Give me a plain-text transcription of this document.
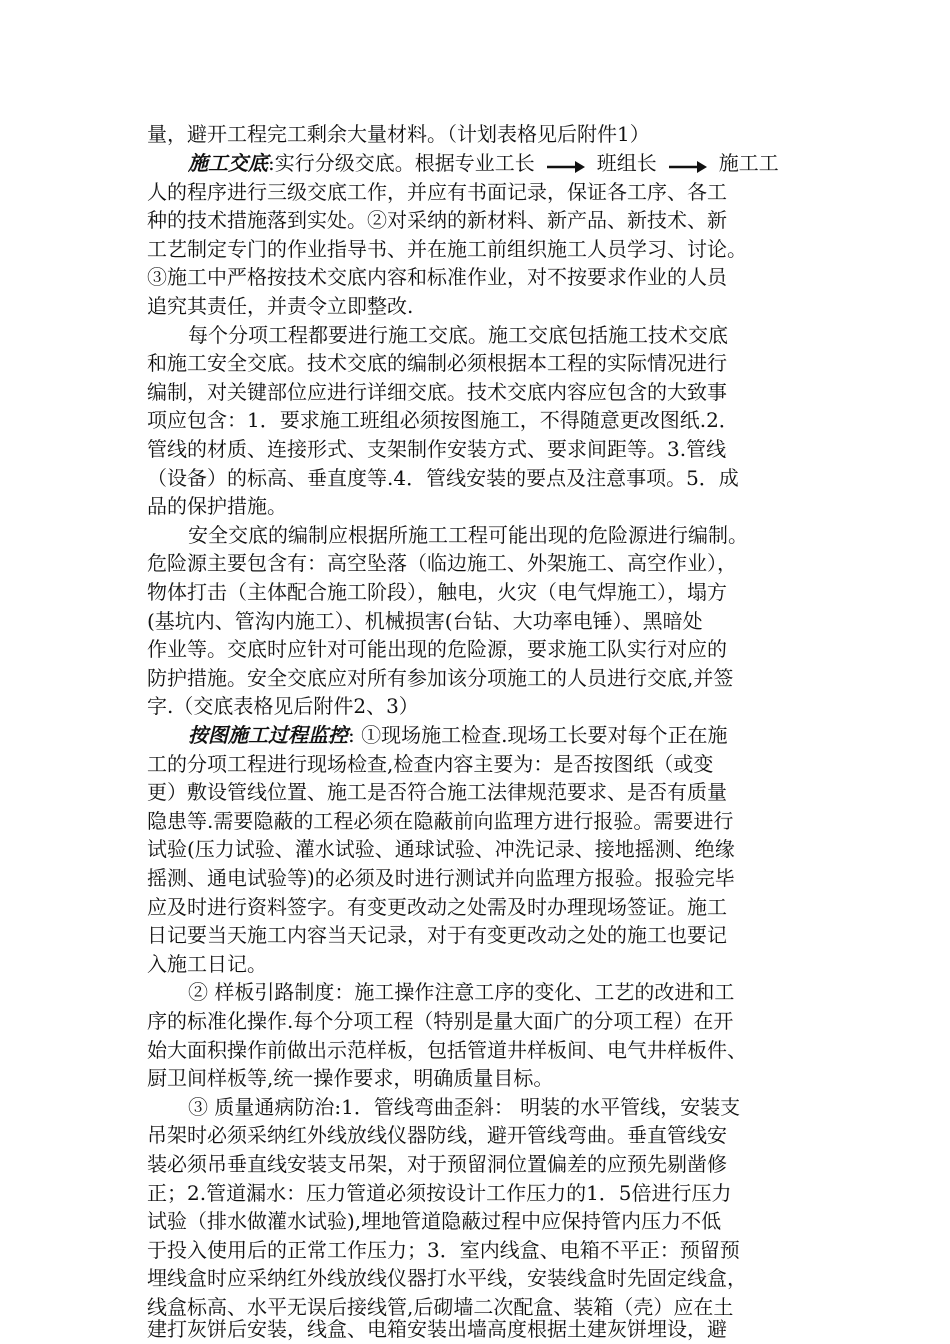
量，避开工程完工剩余大量材料。（计划表格见后附件1）
施工交底:实行分级交底。根据专业工长	班组长	施工工
人的程序进行三级交底工作，并应有书面记录，保证各工序、各工
种的技术措施落到实处。②对采纳的新材料、新产品、新技术、新
工艺制定专门的作业指导书、并在施工前组织施工人员学习、讨论。
③施工中严格按技术交底内容和标准作业，对不按要求作业的人员
追究其责任，并责令立即整改.
每个分项工程都要进行施工交底。施工交底包括施工技术交底
和施工安全交底。技术交底的编制必须根据本工程的实际情况进行
编制，对关键部位应进行详细交底。技术交底内容应包含的大致事
项应包含：1．要求施工班组必须按图施工，不得随意更改图纸.2．
管线的材质、连接形式、支架制作安装方式、要求间距等。3.管线
（设备）的标高、垂直度等.4．管线安装的要点及注意事项。5．成
品的保护措施。
安全交底的编制应根据所施工工程可能出现的危险源进行编制。
危险源主要包含有：高空坠落（临边施工、外架施工、高空作业），
物体打击（主体配合施工阶段），触电，火灾（电气焊施工），塌方
(基坑内、管沟内施工）、机械损害(台钻、大功率电锤）、黑暗处
作业等。交底时应针对可能出现的危险源，要求施工队实行对应的
防护措施。安全交底应对所有参加该分项施工的人员进行交底,并签
字.（交底表格见后附件2、3）
按图施工过程监控: ①现场施工检查.现场工长要对每个正在施
工的分项工程进行现场检查,检查内容主要为：是否按图纸（或变
更）敷设管线位置、施工是否符合施工法律规范要求、是否有质量
隐患等.需要隐蔽的工程必须在隐蔽前向监理方进行报验。需要进行
试验(压力试验、灌水试验、通球试验、冲洗记录、接地摇测、绝缘
摇测、通电试验等)的必须及时进行测试并向监理方报验。报验完毕
应及时进行资料签字。有变更改动之处需及时办理现场签证。施工
日记要当天施工内容当天记录，对于有变更改动之处的施工也要记
入施工日记。
② 样板引路制度：施工操作注意工序的变化、工艺的改进和工
序的标准化操作.每个分项工程（特别是量大面广的分项工程）在开
始大面积操作前做出示范样板，包括管道井样板间、电气井样板件、
厨卫间样板等,统一操作要求，明确质量目标。
③ 质量通病防治:1．管线弯曲歪斜： 明装的水平管线，安装支
吊架时必须采纳红外线放线仪器防线，避开管线弯曲。垂直管线安
装必须吊垂直线安装支吊架，对于预留洞位置偏差的应预先剔凿修
正；2.管道漏水：压力管道必须按设计工作压力的1．5倍进行压力
试验（排水做灌水试验),埋地管道隐蔽过程中应保持管内压力不低
于投入使用后的正常工作压力；3．室内线盒、电箱不平正：预留预
埋线盒时应采纳红外线放线仪器打水平线，安装线盒时先固定线盒，
线盒标高、水平无误后接线管,后砌墙二次配盒、装箱（壳）应在土
建打灰饼后安装，线盒、电箱安装出墙高度根据土建灰饼埋设，避
